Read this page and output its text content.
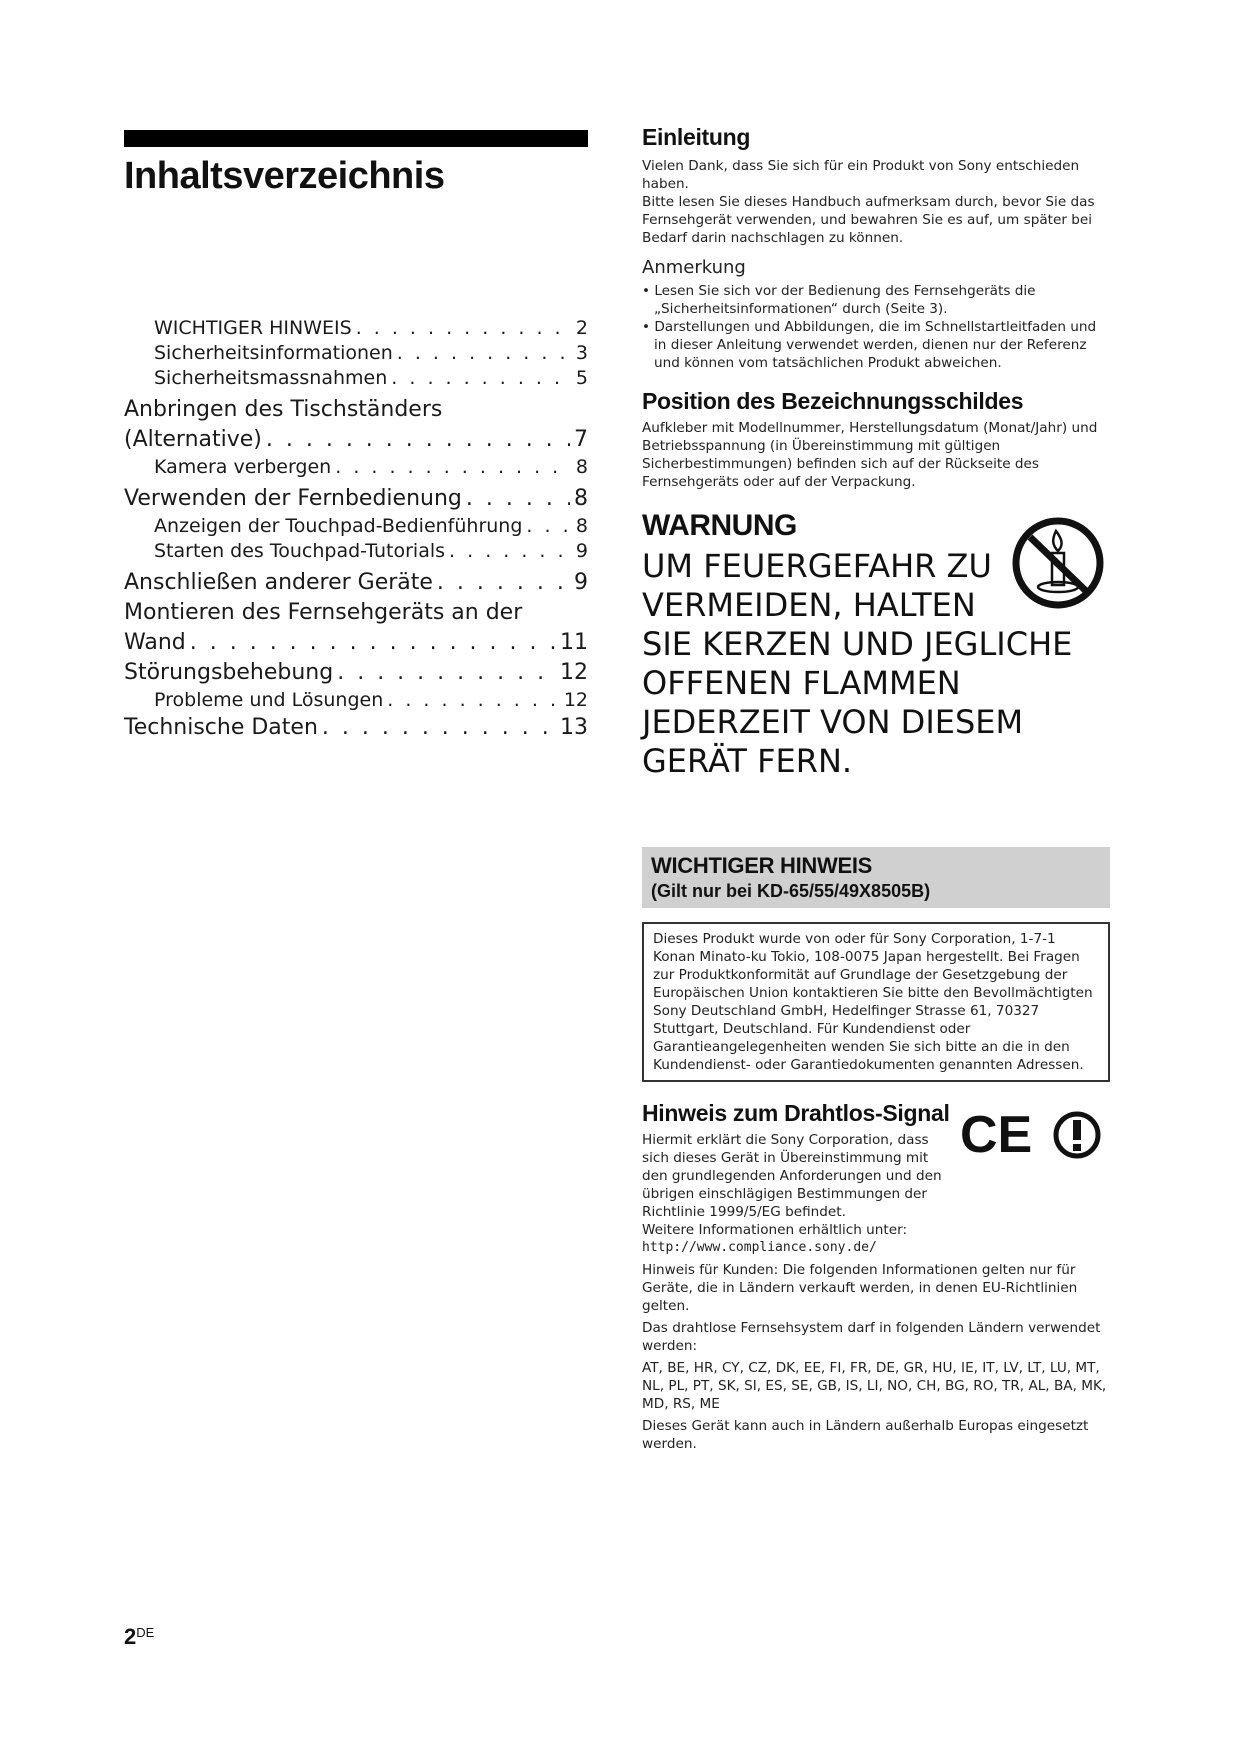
Inhaltsverzeichnis
WICHTIGER HINWEIS . . .	2
Sicherheitsinformationen . . .	3
Sicherheitsmassnahmen . . .	5
Anbringen des Tischständers
(Alternative) . . .	7
Kamera verbergen . . .	8
Verwenden der Fernbedienung . . .	8
Anzeigen der Touchpad-Bedienführung . . .	8
Starten des Touchpad-Tutorials . . .	9
Anschließen anderer Geräte . . .	9
Montieren des Fernsehgeräts an der
Wand . . .	11
Störungsbehebung . . .	12
Probleme und Lösungen . . .	12
Technische Daten . . .	13
Einleitung

Vielen Dank, dass Sie sich für ein Produkt von Sony entschieden haben.

Bitte lesen Sie dieses Handbuch aufmerksam durch, bevor Sie das Fernsehgerät verwenden, und bewahren Sie es auf, um später bei Bedarf darin nachschlagen zu können.

Anmerkung
• Lesen Sie sich vor der Bedienung des Fernsehgeräts die „Sicherheitsinformationen“ durch (Seite 3).
• Darstellungen und Abbildungen, die im Schnellstartleitfaden und in dieser Anleitung verwendet werden, dienen nur der Referenz und können vom tatsächlichen Produkt abweichen.
Position des Bezeichnungsschildes

Aufkleber mit Modellnummer, Herstellungsdatum (Monat/Jahr) und Betriebsspannung (in Übereinstimmung mit gültigen Sicherbestimmungen) befinden sich auf der Rückseite des Fernsehgeräts oder auf der Verpackung.

WARNUNG
UM FEUERGEFAHR ZU
VERMEIDEN, HALTEN
SIE KERZEN UND JEGLICHE
OFFENEN FLAMMEN
JEDERZEIT VON DIESEM
GERÄT FERN.
WICHTIGER HINWEIS
(Gilt nur bei KD-65/55/49X8505B)
Dieses Produkt wurde von oder für Sony Corporation, 1-7-1 Konan Minato-ku Tokio, 108-0075 Japan hergestellt. Bei Fragen zur Produktkonformität auf Grundlage der Gesetzgebung der Europäischen Union kontaktieren Sie bitte den Bevollmächtigten Sony Deutschland GmbH, Hedelfinger Strasse 61, 70327 Stuttgart, Deutschland. Für Kundendienst oder Garantieangelegenheiten wenden Sie sich bitte an die in den Kundendienst- oder Garantiedokumenten genannten Adressen.
Hinweis zum Drahtlos-Signal

Hiermit erklärt die Sony Corporation, dass sich dieses Gerät in Übereinstimmung mit den grundlegenden Anforderungen und den übrigen einschlägigen Bestimmungen der Richtlinie 1999/5/EG befindet.

Weitere Informationen erhältlich unter:

http://www.compliance.sony.de/

Hinweis für Kunden: Die folgenden Informationen gelten nur für Geräte, die in Ländern verkauft werden, in denen EU-Richtlinien gelten.

Das drahtlose Fernsehsystem darf in folgenden Ländern verwendet werden:

AT, BE, HR, CY, CZ, DK, EE, FI, FR, DE, GR, HU, IE, IT, LV, LT, LU, MT, NL, PL, PT, SK, SI, ES, SE, GB, IS, LI, NO, CH, BG, RO, TR, AL, BA, MK, MD, RS, ME

Dieses Gerät kann auch in Ländern außerhalb Europas eingesetzt werden.

CE
2DE
